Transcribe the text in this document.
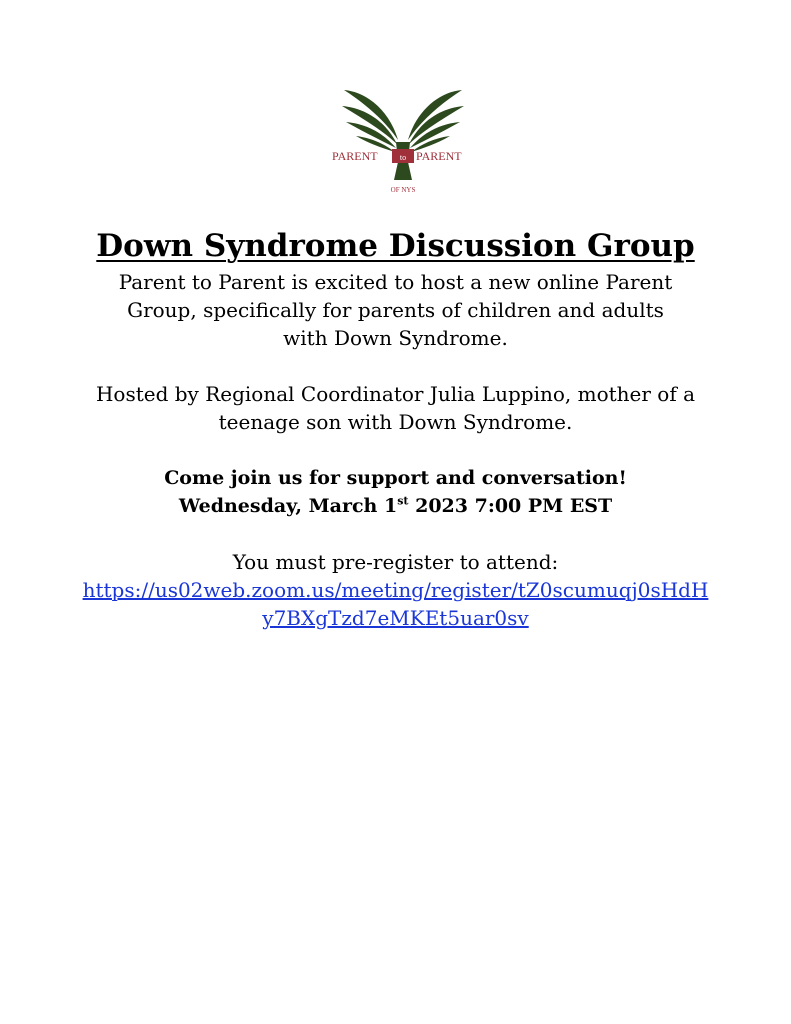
PARENT	to PARENT
OF NYS
Down Syndrome Discussion Group

Parent to Parent is excited to host a new online Parent

Group, specifically for parents of children and adults

with Down Syndrome.

Hosted by Regional Coordinator Julia Luppino, mother of a

teenage son with Down Syndrome.

Come join us for support and conversation!

Wednesday, March 1st 2023 7:00 PM EST

You must pre-register to attend:

https://us02web.zoom.us/meeting/register/tZ0scumuqj0sHdHy7BXgTzd7eMKEt5uar0sv
